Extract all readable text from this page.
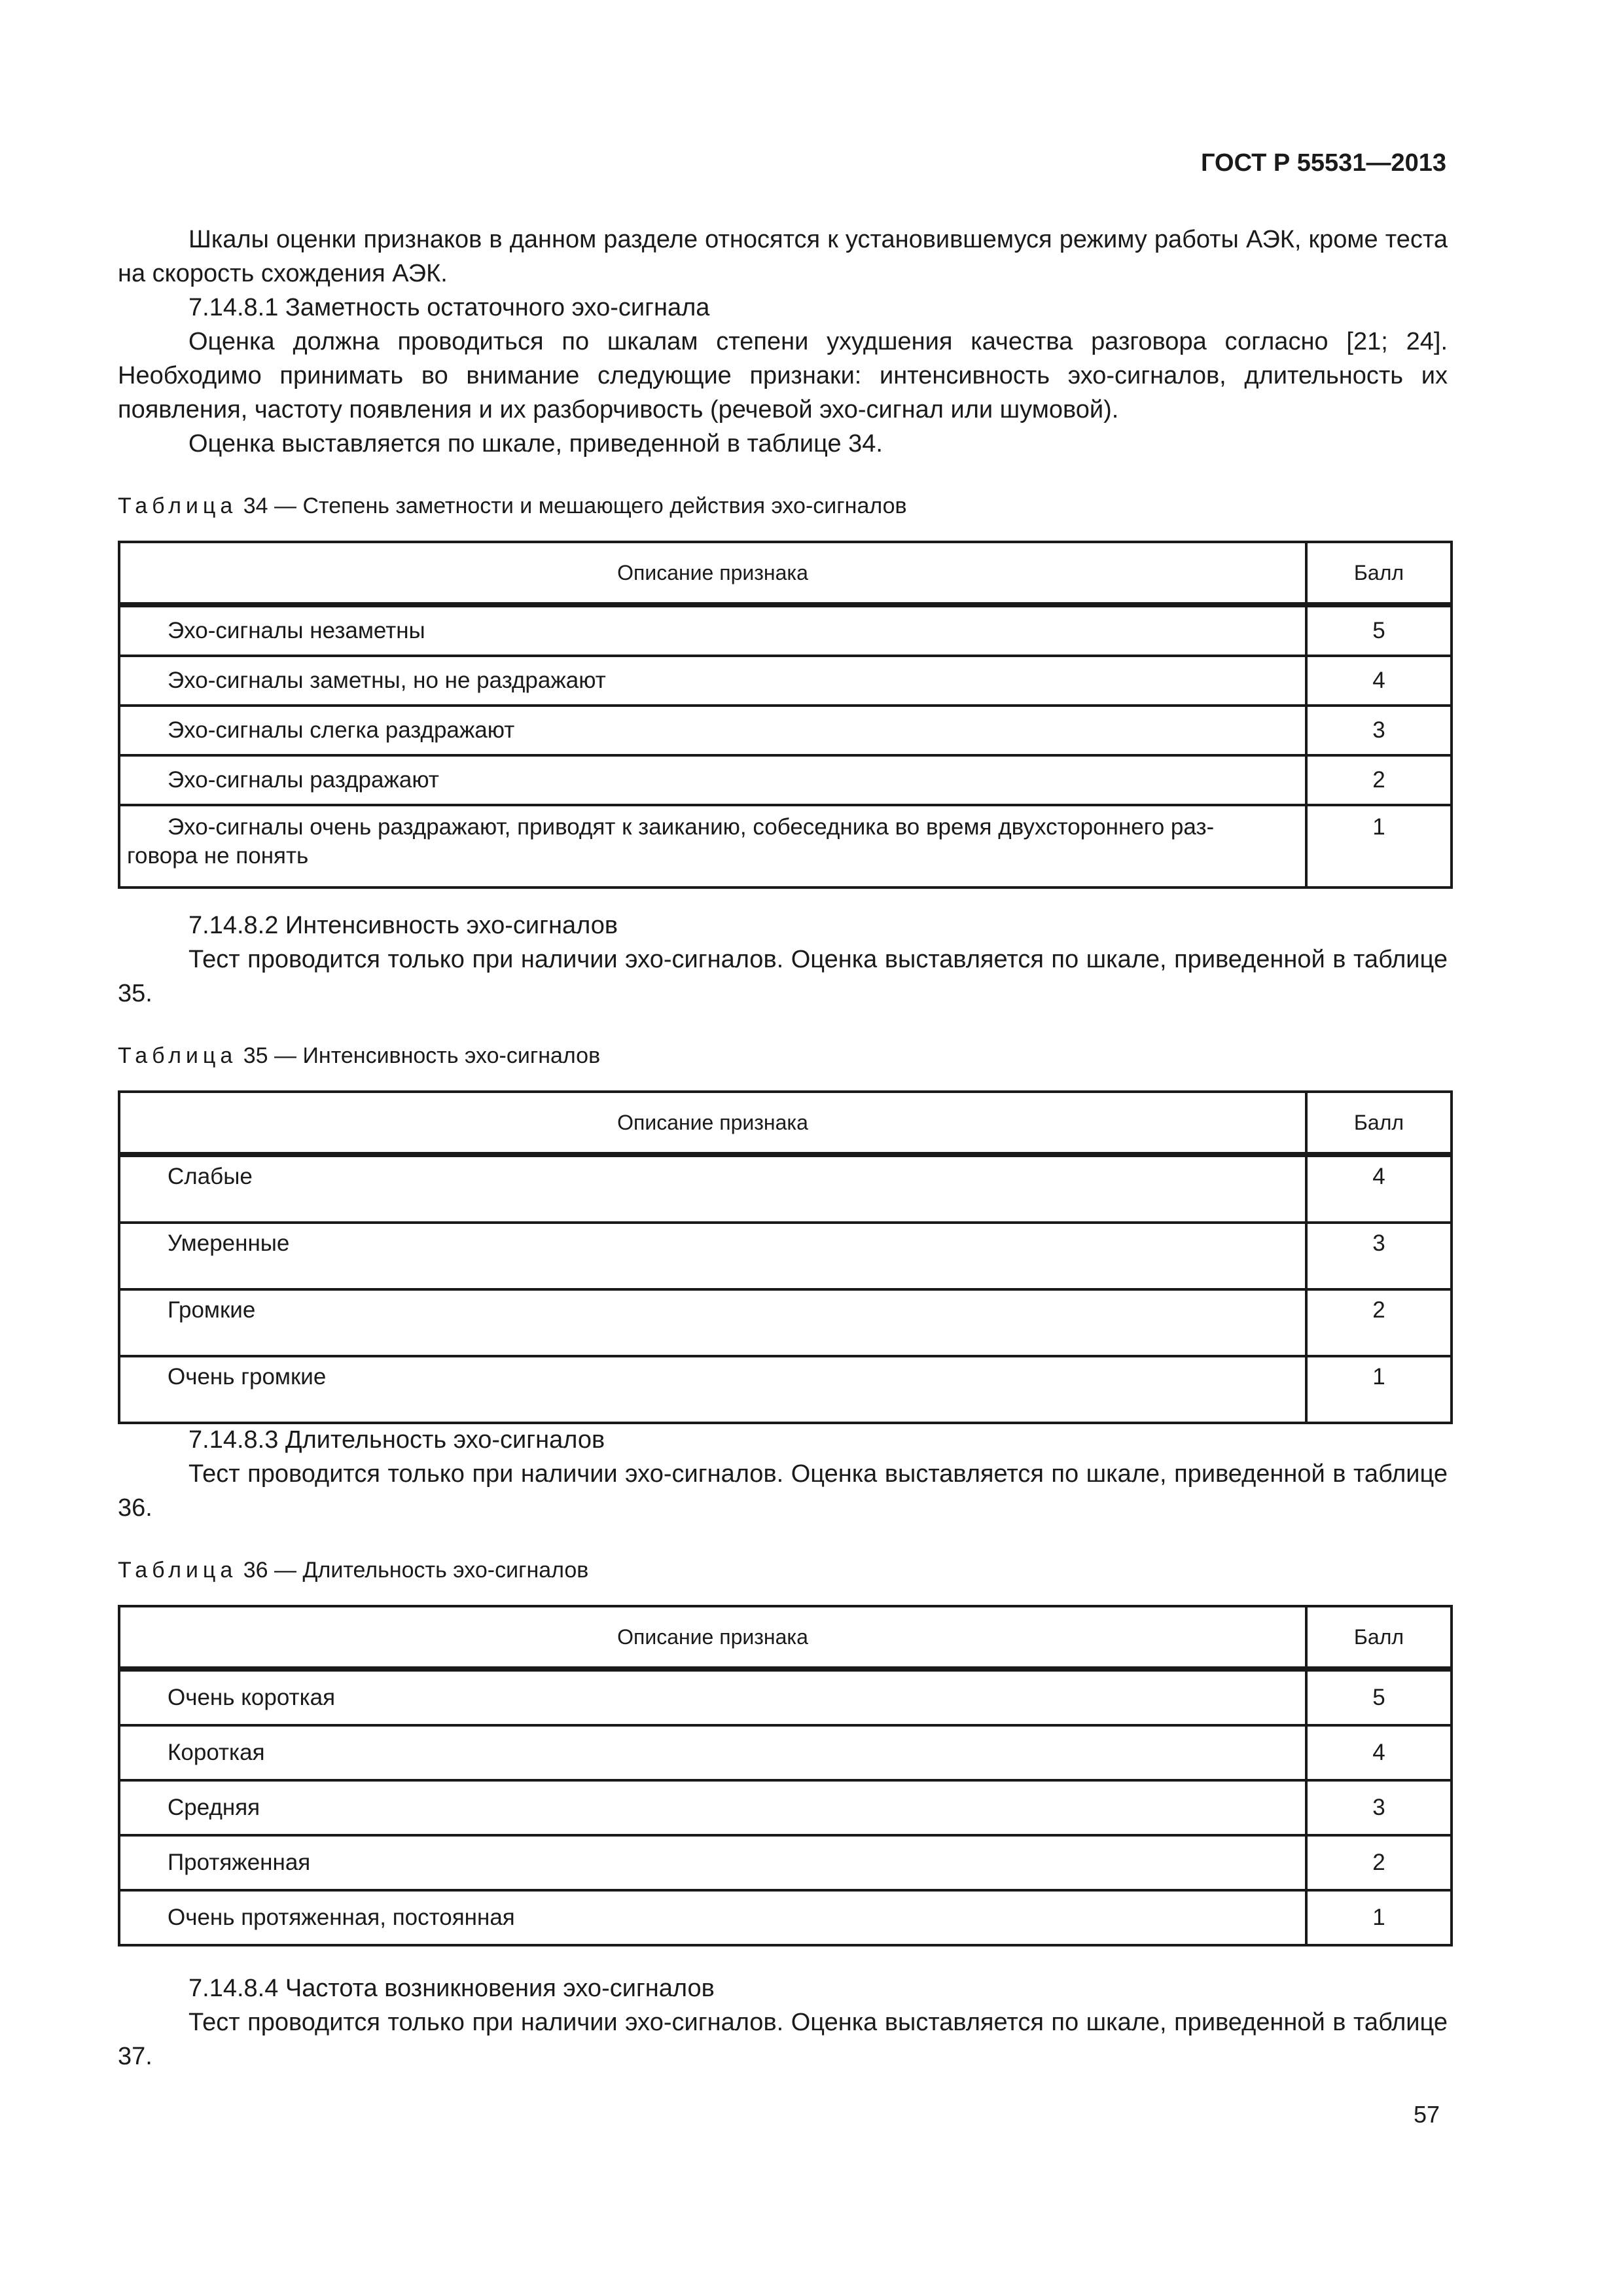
ГОСТ Р 55531—2013

Шкалы оценки признаков в данном разделе относятся к установившемуся режиму работы АЭК, кроме теста на скорость схождения АЭК.

7.14.8.1 Заметность остаточного эхо-сигнала

Оценка должна проводиться по шкалам степени ухудшения качества разговора согласно [21; 24]. Необходимо принимать во внимание следующие признаки: интенсивность эхо-сигналов, длительность их появления, частоту появления и их разборчивость (речевой эхо-сигнал или шумовой).

Оценка выставляется по шкале, приведенной в таблице 34.

Таблица 34 — Степень заметности и мешающего действия эхо-сигналов
Описание признака	Балл
Эхо-сигналы незаметны	5
Эхо-сигналы заметны, но не раздражают	4
Эхо-сигналы слегка раздражают	3
Эхо-сигналы раздражают	2

Эхо-сигналы очень раздражают, приводят к заиканию, собеседника во время двухстороннего раз-
говора не понять	1

7.14.8.2 Интенсивность эхо-сигналов

Тест проводится только при наличии эхо-сигналов. Оценка выставляется по шкале, приведенной в таблице 35.

Таблица 35 — Интенсивность эхо-сигналов
Описание признака	Балл
Слабые	4
Умеренные	3
Громкие	2
Очень громкие	1

7.14.8.3 Длительность эхо-сигналов

Тест проводится только при наличии эхо-сигналов. Оценка выставляется по шкале, приведенной в таблице 36.

Таблица 36 — Длительность эхо-сигналов
Описание признака	Балл
Очень короткая	5
Короткая	4
Средняя	3
Протяженная	2
Очень протяженная, постоянная	1

7.14.8.4 Частота возникновения эхо-сигналов

Тест проводится только при наличии эхо-сигналов. Оценка выставляется по шкале, приведенной в таблице 37.

57
